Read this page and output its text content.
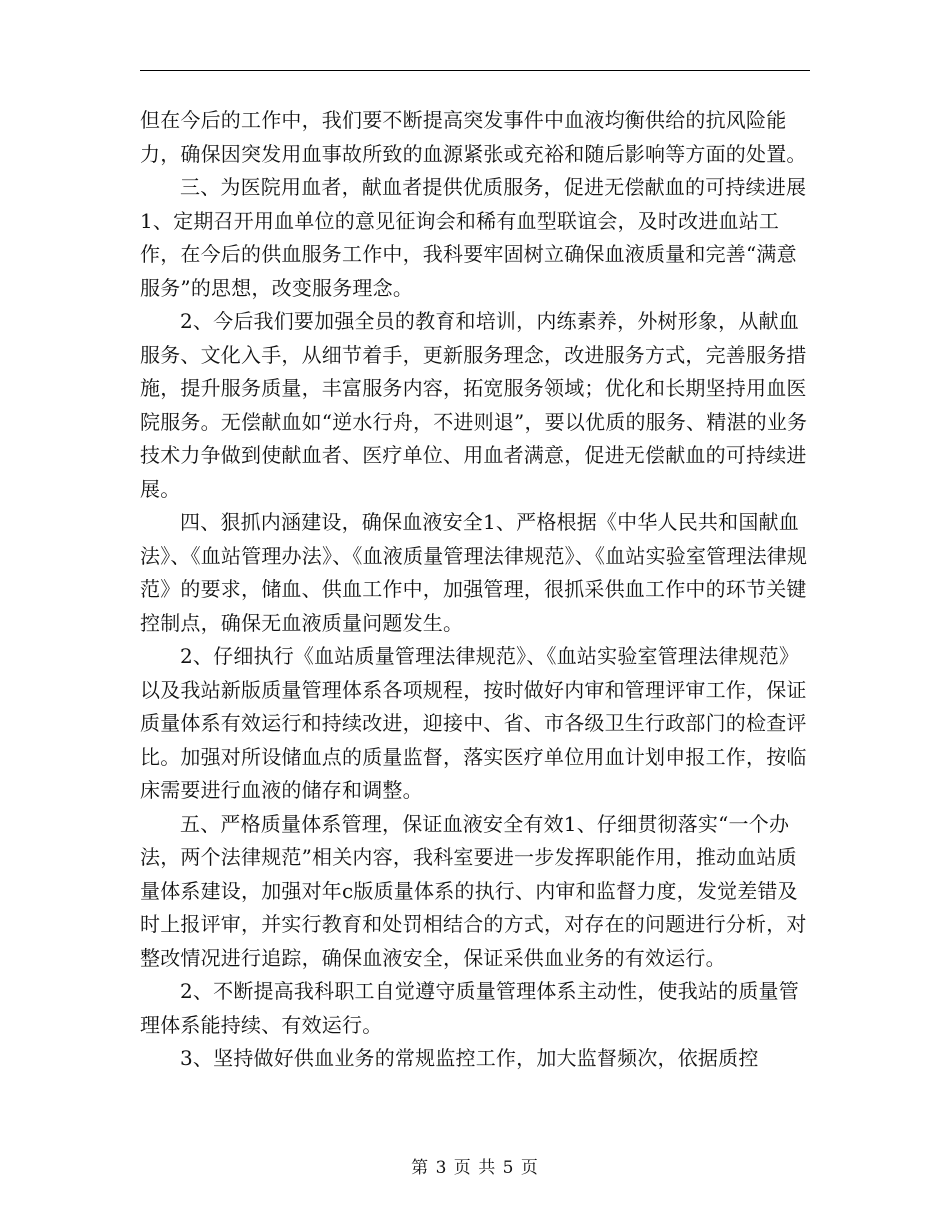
但在今后的工作中，我们要不断提高突发事件中血液均衡供给的抗风险能力，确保因突发用血事故所致的血源紧张或充裕和随后影响等方面的处置。

三、为医院用血者，献血者提供优质服务，促进无偿献血的可持续进展1、定期召开用血单位的意见征询会和稀有血型联谊会，及时改进血站工作，在今后的供血服务工作中，我科要牢固树立确保血液质量和完善“满意服务”的思想，改变服务理念。

2、今后我们要加强全员的教育和培训，内练素养，外树形象，从献血服务、文化入手，从细节着手，更新服务理念，改进服务方式，完善服务措施，提升服务质量，丰富服务内容，拓宽服务领域；优化和长期坚持用血医院服务。无偿献血如“逆水行舟，不进则退”，要以优质的服务、精湛的业务技术力争做到使献血者、医疗单位、用血者满意，促进无偿献血的可持续进展。

四、狠抓内涵建设，确保血液安全1、严格根据《中华人民共和国献血法》、《血站管理办法》、《血液质量管理法律规范》、《血站实验室管理法律规范》的要求，储血、供血工作中，加强管理，很抓采供血工作中的环节关键控制点，确保无血液质量问题发生。

2、仔细执行《血站质量管理法律规范》、《血站实验室管理法律规范》以及我站新版质量管理体系各项规程，按时做好内审和管理评审工作，保证质量体系有效运行和持续改进，迎接中、省、市各级卫生行政部门的检查评比。加强对所设储血点的质量监督，落实医疗单位用血计划申报工作，按临床需要进行血液的储存和调整。

五、严格质量体系管理，保证血液安全有效1、仔细贯彻落实“一个办法，两个法律规范”相关内容，我科室要进一步发挥职能作用，推动血站质量体系建设，加强对年c版质量体系的执行、内审和监督力度，发觉差错及时上报评审，并实行教育和处罚相结合的方式，对存在的问题进行分析，对整改情况进行追踪，确保血液安全，保证采供血业务的有效运行。

2、不断提高我科职工自觉遵守质量管理体系主动性，使我站的质量管理体系能持续、有效运行。

3、坚持做好供血业务的常规监控工作，加大监督频次，依据质控

第 3 页 共 5 页
